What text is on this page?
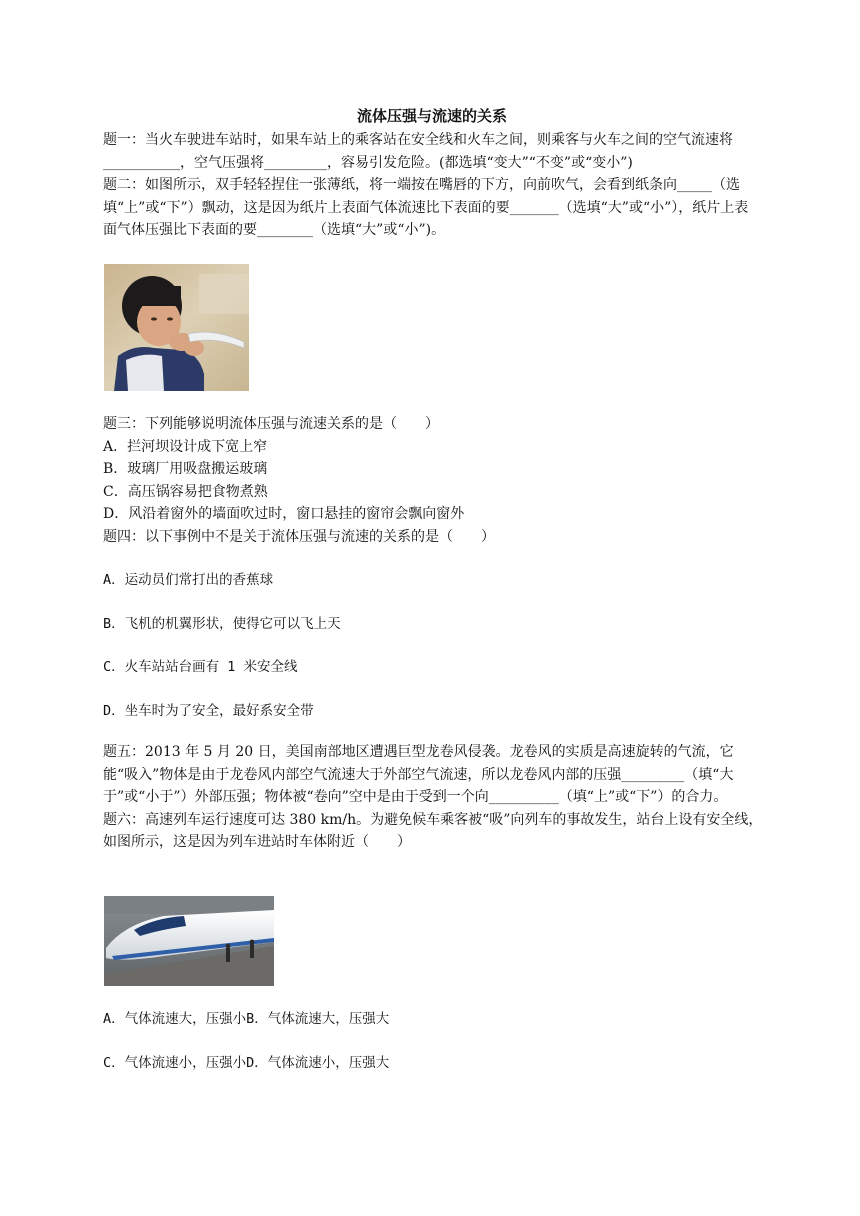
流体压强与流速的关系

题一：当火车驶进车站时，如果车站上的乘客站在安全线和火车之间，则乘客与火车之间的空气流速将___________，空气压强将_________，容易引发危险。(都选填“变大”“不变”或“变小”)

题二：如图所示，双手轻轻捏住一张薄纸，将一端按在嘴唇的下方，向前吹气，会看到纸条向_____（选填“上”或“下”）飘动，这是因为纸片上表面气体流速比下表面的要_______（选填“大”或“小”），纸片上表面气体压强比下表面的要________（选填“大”或“小”)。

题三：下列能够说明流体压强与流速关系的是（　　）

A．拦河坝设计成下宽上窄

B．玻璃厂用吸盘搬运玻璃

C．高压锅容易把食物煮熟

D．风沿着窗外的墙面吹过时，窗口悬挂的窗帘会飘向窗外

题四：以下事例中不是关于流体压强与流速的关系的是（　　）

A．运动员们常打出的香蕉球

B．飞机的机翼形状，使得它可以飞上天

C．火车站站台画有 1 米安全线

D．坐车时为了安全，最好系安全带

题五：2013 年 5 月 20 日，美国南部地区遭遇巨型龙卷风侵袭。龙卷风的实质是高速旋转的气流，它能“吸入”物体是由于龙卷风内部空气流速大于外部空气流速，所以龙卷风内部的压强_________（填“大于”或“小于”）外部压强；物体被“卷向”空中是由于受到一个向__________（填“上”或“下”）的合力。

题六：高速列车运行速度可达 380 km/h。为避免候车乘客被“吸”向列车的事故发生，站台上设有安全线，如图所示，这是因为列车进站时车体附近（　　）

A．气体流速大，压强小B．气体流速大，压强大

C．气体流速小，压强小D．气体流速小，压强大
